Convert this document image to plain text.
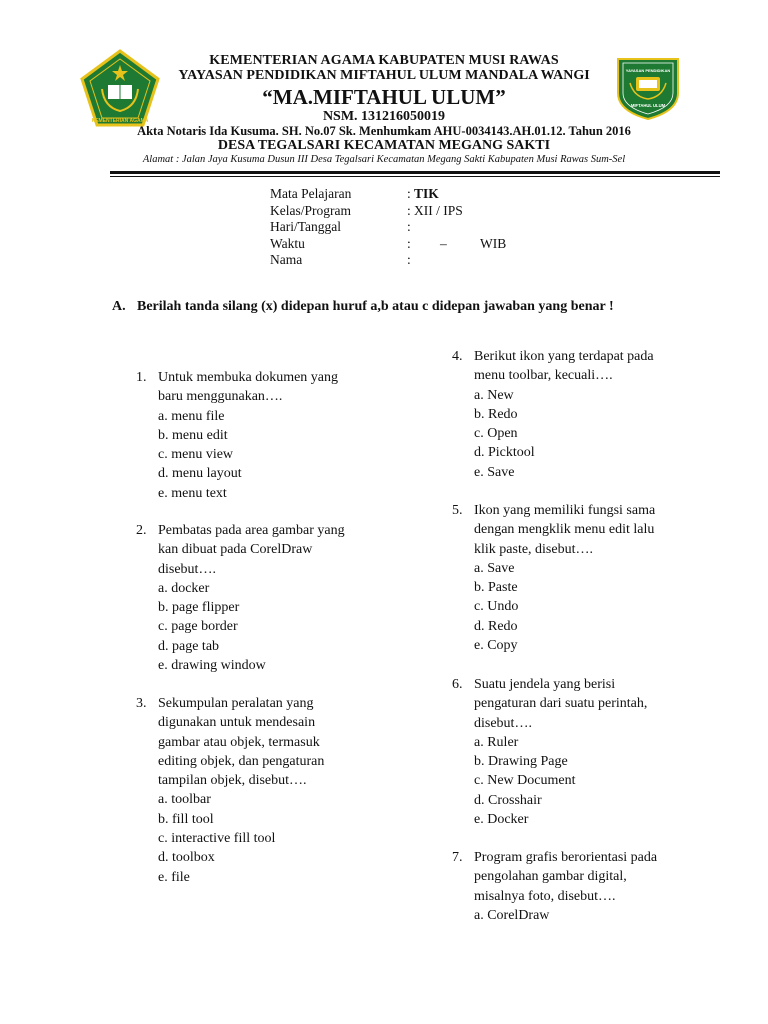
KEMENTERIAN AGAMA
YAYASAN PENDIDIKAN
MIFTAHUL ULUM
KEMENTERIAN AGAMA KABUPATEN MUSI RAWAS
YAYASAN PENDIDIKAN MIFTAHUL ULUM MANDALA WANGI
“MA.MIFTAHUL ULUM”
NSM. 131216050019
Akta Notaris Ida Kusuma. SH. No.07 Sk. Menhumkam AHU-0034143.AH.01.12. Tahun 2016
DESA TEGALSARI KECAMATAN MEGANG SAKTI
Alamat : Jalan Jaya Kusuma Dusun III Desa Tegalsari Kecamatan Megang Sakti Kabupaten Musi Rawas Sum-Sel
Mata Pelajaran	: TIK
Kelas/Program	: XII / IPS
Hari/Tanggal	:
Waktu	: – WIB
Nama	:
A. Berilah tanda silang (x) didepan huruf a,b atau c didepan jawaban yang benar !
1. Untuk membuka dokumen yang
baru menggunakan….
a. menu file
b. menu edit
c. menu view
d. menu layout
e. menu text
2. Pembatas pada area gambar yang
kan dibuat pada CorelDraw
disebut….
a. docker
b. page flipper
c. page border
d. page tab
e. drawing window
3. Sekumpulan peralatan yang
digunakan untuk mendesain
gambar atau objek, termasuk
editing objek, dan pengaturan
tampilan objek, disebut….
a. toolbar
b. fill tool
c. interactive fill tool
d. toolbox
e. file
4. Berikut ikon yang terdapat pada
menu toolbar, kecuali….
a. New
b. Redo
c. Open
d. Picktool
e. Save
5. Ikon yang memiliki fungsi sama
dengan mengklik menu edit lalu
klik paste, disebut….
a. Save
b. Paste
c. Undo
d. Redo
e. Copy
6. Suatu jendela yang berisi
pengaturan dari suatu perintah,
disebut….
a. Ruler
b. Drawing Page
c. New Document
d. Crosshair
e. Docker
7. Program grafis berorientasi pada
pengolahan gambar digital,
misalnya foto, disebut….
a. CorelDraw
